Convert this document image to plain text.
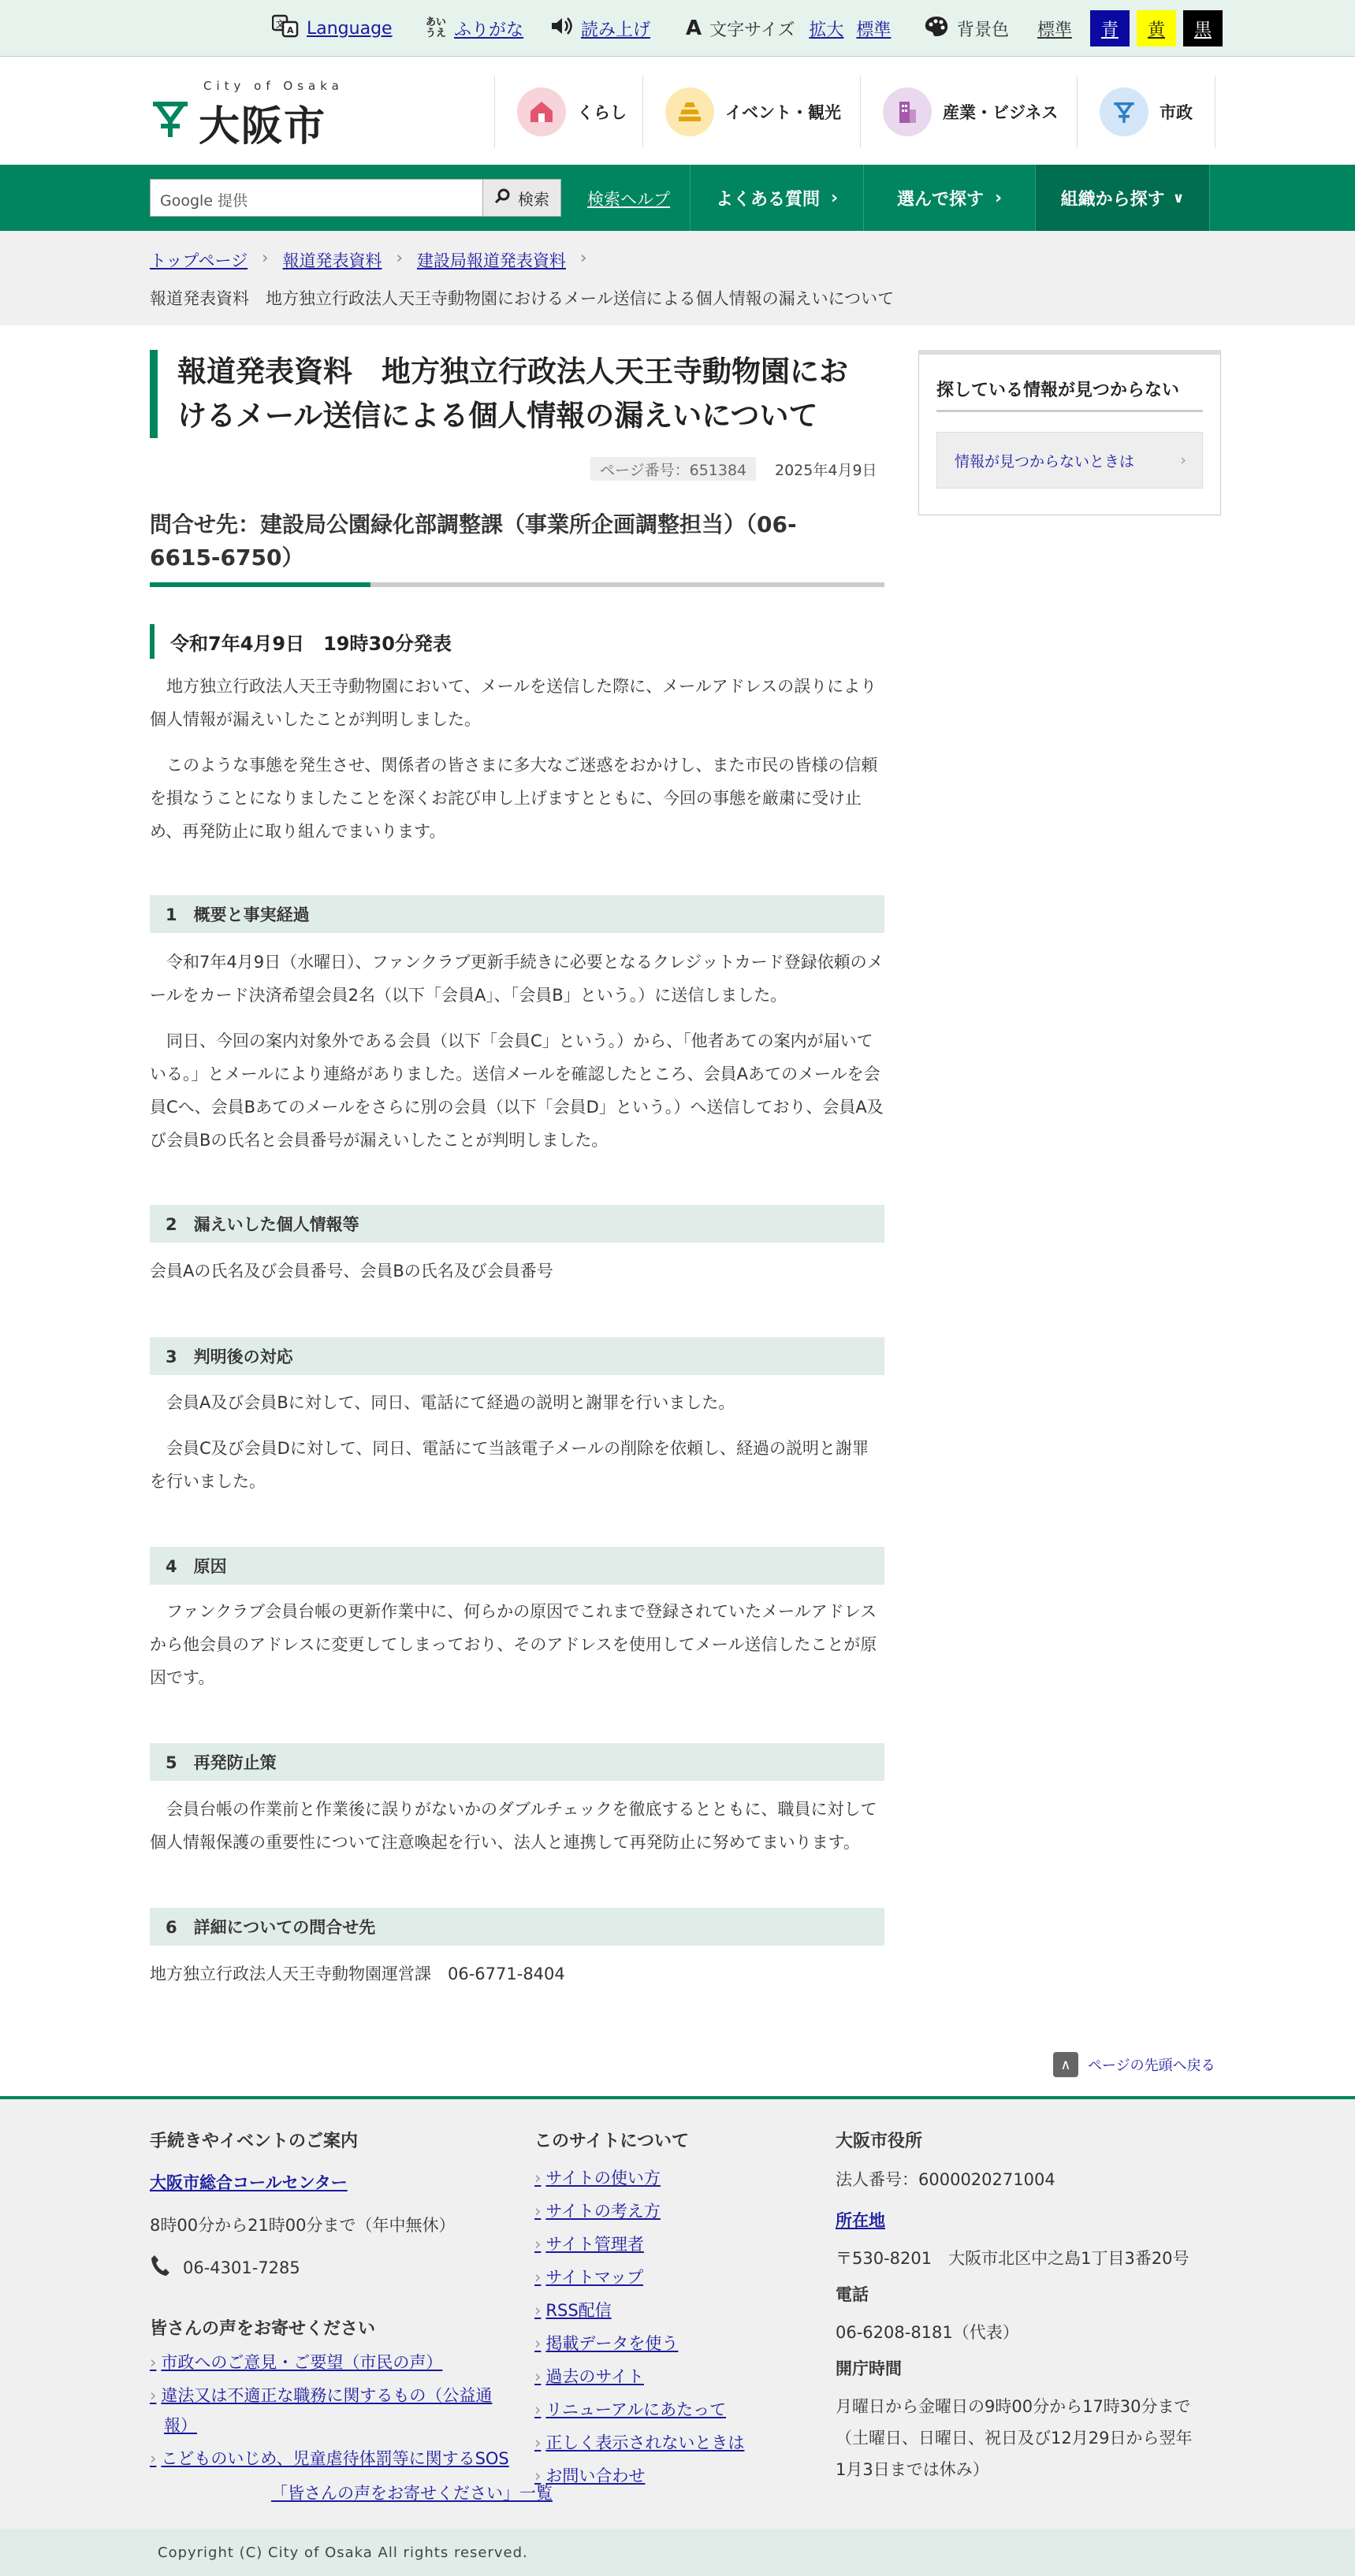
文
A Language	あい
うえ ふりがな	読み上げ A 文字サイズ 拡大 標準	背景色 標準	青	黄	黒
City of Osaka
大阪市	くらし	イベント・観光	産業・ビジネス	市政
Google 提供	検索 検索ヘルプ	よくある質問 ›	選んで探す ›	組織から探す ∨
トップページ › 報道発表資料 › 建設局報道発表資料 ›
報道発表資料　地方独立行政法人天王寺動物園におけるメール送信による個人情報の漏えいについて
報道発表資料　地方独立行政法人天王寺動物園にお
けるメール送信による個人情報の漏えいについて
ページ番号：651384	2025年4月9日
問合せ先：建設局公園緑化部調整課（事業所企画調整担当）（06-
6615-6750）
令和7年4月9日　19時30分発表
　地方独立行政法人天王寺動物園において、メールを送信した際に、メールアドレスの誤りにより個人情報が漏えいしたことが判明しました。
　このような事態を発生させ、関係者の皆さまに多大なご迷惑をおかけし、また市民の皆様の信頼を損なうことになりましたことを深くお詫び申し上げますとともに、今回の事態を厳粛に受け止め、再発防止に取り組んでまいります。
1　概要と事実経過
　令和7年4月9日（水曜日）、ファンクラブ更新手続きに必要となるクレジットカード登録依頼のメールをカード決済希望会員2名（以下「会員A」、「会員B」という。）に送信しました。
　同日、今回の案内対象外である会員（以下「会員C」という。）から、「他者あての案内が届いている。」とメールにより連絡がありました。送信メールを確認したところ、会員Aあてのメールを会員Cへ、会員Bあてのメールをさらに別の会員（以下「会員D」という。）へ送信しており、会員A及び会員Bの氏名と会員番号が漏えいしたことが判明しました。
2　漏えいした個人情報等
会員Aの氏名及び会員番号、会員Bの氏名及び会員番号
3　判明後の対応
　会員A及び会員Bに対して、同日、電話にて経過の説明と謝罪を行いました。
　会員C及び会員Dに対して、同日、電話にて当該電子メールの削除を依頼し、経過の説明と謝罪を行いました。
4　原因
　ファンクラブ会員台帳の更新作業中に、何らかの原因でこれまで登録されていたメールアドレスから他会員のアドレスに変更してしまっており、そのアドレスを使用してメール送信したことが原因です。
5　再発防止策
　会員台帳の作業前と作業後に誤りがないかのダブルチェックを徹底するとともに、職員に対して個人情報保護の重要性について注意喚起を行い、法人と連携して再発防止に努めてまいります。
6　詳細についての問合せ先
地方独立行政法人天王寺動物園運営課　06-6771-8404
探している情報が見つからない
情報が見つからないときは	›
∧	ページの先頭へ戻る
手続きやイベントのご案内
大阪市総合コールセンター
8時00分から21時00分まで（年中無休）
06-4301-7285
皆さんの声をお寄せください
› 市政へのご意見・ご要望（市民の声）
› 違法又は不適正な職務に関するもの（公益通
報）
› こどものいじめ、児童虐待体罰等に関するSOS
「皆さんの声をお寄せください」一覧
このサイトについて
› サイトの使い方
› サイトの考え方
› サイト管理者
› サイトマップ
› RSS配信
› 掲載データを使う
› 過去のサイト
› リニューアルにあたって
› 正しく表示されないときは
› お問い合わせ
大阪市役所
法人番号：6000020271004
所在地
〒530-8201　大阪市北区中之島1丁目3番20号
電話
06-6208-8181（代表）
開庁時間
月曜日から金曜日の9時00分から17時30分まで
（土曜日、日曜日、祝日及び12月29日から翌年
1月3日までは休み）
Copyright (C) City of Osaka All rights reserved.
